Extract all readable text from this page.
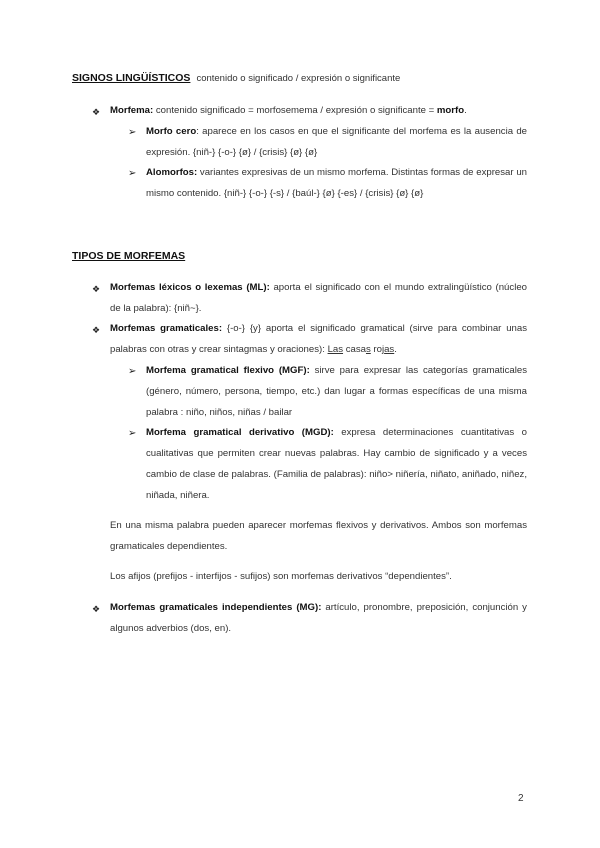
SIGNOS LINGÜÍSTICOS contenido o significado / expresión o significante
❖ Morfema: contenido significado = morfosemema / expresión o significante = morfo.
➢ Morfo cero: aparece en los casos en que el significante del morfema es la ausencia de expresión. {niñ-} {-o-} {ø} / {crisis} {ø} {ø}
➢ Alomorfos: variantes expresivas de un mismo morfema. Distintas formas de expresar un mismo contenido. {niñ-} {-o-} {-s} / {baúl-} {ø} {-es} / {crisis} {ø} {ø}
TIPOS DE MORFEMAS
❖ Morfemas léxicos o lexemas (ML): aporta el significado con el mundo extralingüístico (núcleo de la palabra): {niñ~}.
❖ Morfemas gramaticales: {-o-} {y} aporta el significado gramatical (sirve para combinar unas palabras con otras y crear sintagmas y oraciones): Las casas rojas.
➢ Morfema gramatical flexivo (MGF): sirve para expresar las categorías gramaticales (género, número, persona, tiempo, etc.) dan lugar a formas específicas de una misma palabra : niño, niños, niñas / bailar
➢ Morfema gramatical derivativo (MGD): expresa determinaciones cuantitativas o cualitativas que permiten crear nuevas palabras. Hay cambio de significado y a veces cambio de clase de palabras. (Familia de palabras): niño> niñería, niñato, aniñado, niñez, niñada, niñera.
En una misma palabra pueden aparecer morfemas flexivos y derivativos. Ambos son morfemas gramaticales dependientes.
Los afijos (prefijos - interfijos - sufijos) son morfemas derivativos “dependientes”.
❖ Morfemas gramaticales independientes (MG): artículo, pronombre, preposición, conjunción y algunos adverbios (dos, en).
2
